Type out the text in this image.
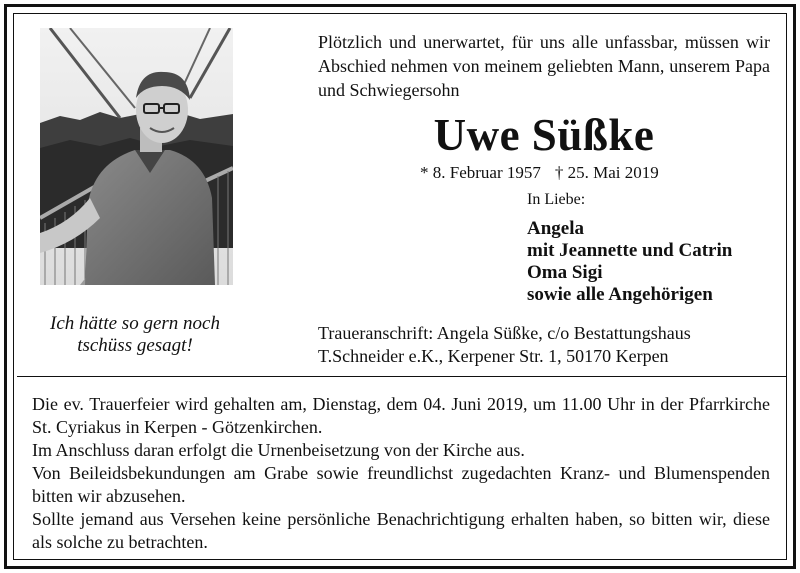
Ich hätte so gern noch
tschüss gesagt!
Plötzlich und unerwartet, für uns alle unfassbar, müssen wir Abschied nehmen von meinem geliebten Mann, unserem Papa und Schwiegersohn
Uwe Süßke
* 8. Februar 1957 † 25. Mai 2019
In Liebe:
Angela
mit Jeannette und Catrin
Oma Sigi
sowie alle Angehörigen
Traueranschrift: Angela Süßke, c/o Bestattungshaus
T.Schneider e.K., Kerpener Str. 1, 50170 Kerpen

Die ev. Trauerfeier wird gehalten am, Dienstag, dem 04. Juni 2019, um 11.00 Uhr in der Pfarrkirche St. Cyriakus in Kerpen - Götzenkirchen.

Im Anschluss daran erfolgt die Urnenbeisetzung von der Kirche aus.

Von Beileidsbekundungen am Grabe sowie freundlichst zugedachten Kranz- und Blumenspenden bitten wir abzusehen.

Sollte jemand aus Versehen keine persönliche Benachrichtigung erhalten haben, so bitten wir, diese als solche zu betrachten.
